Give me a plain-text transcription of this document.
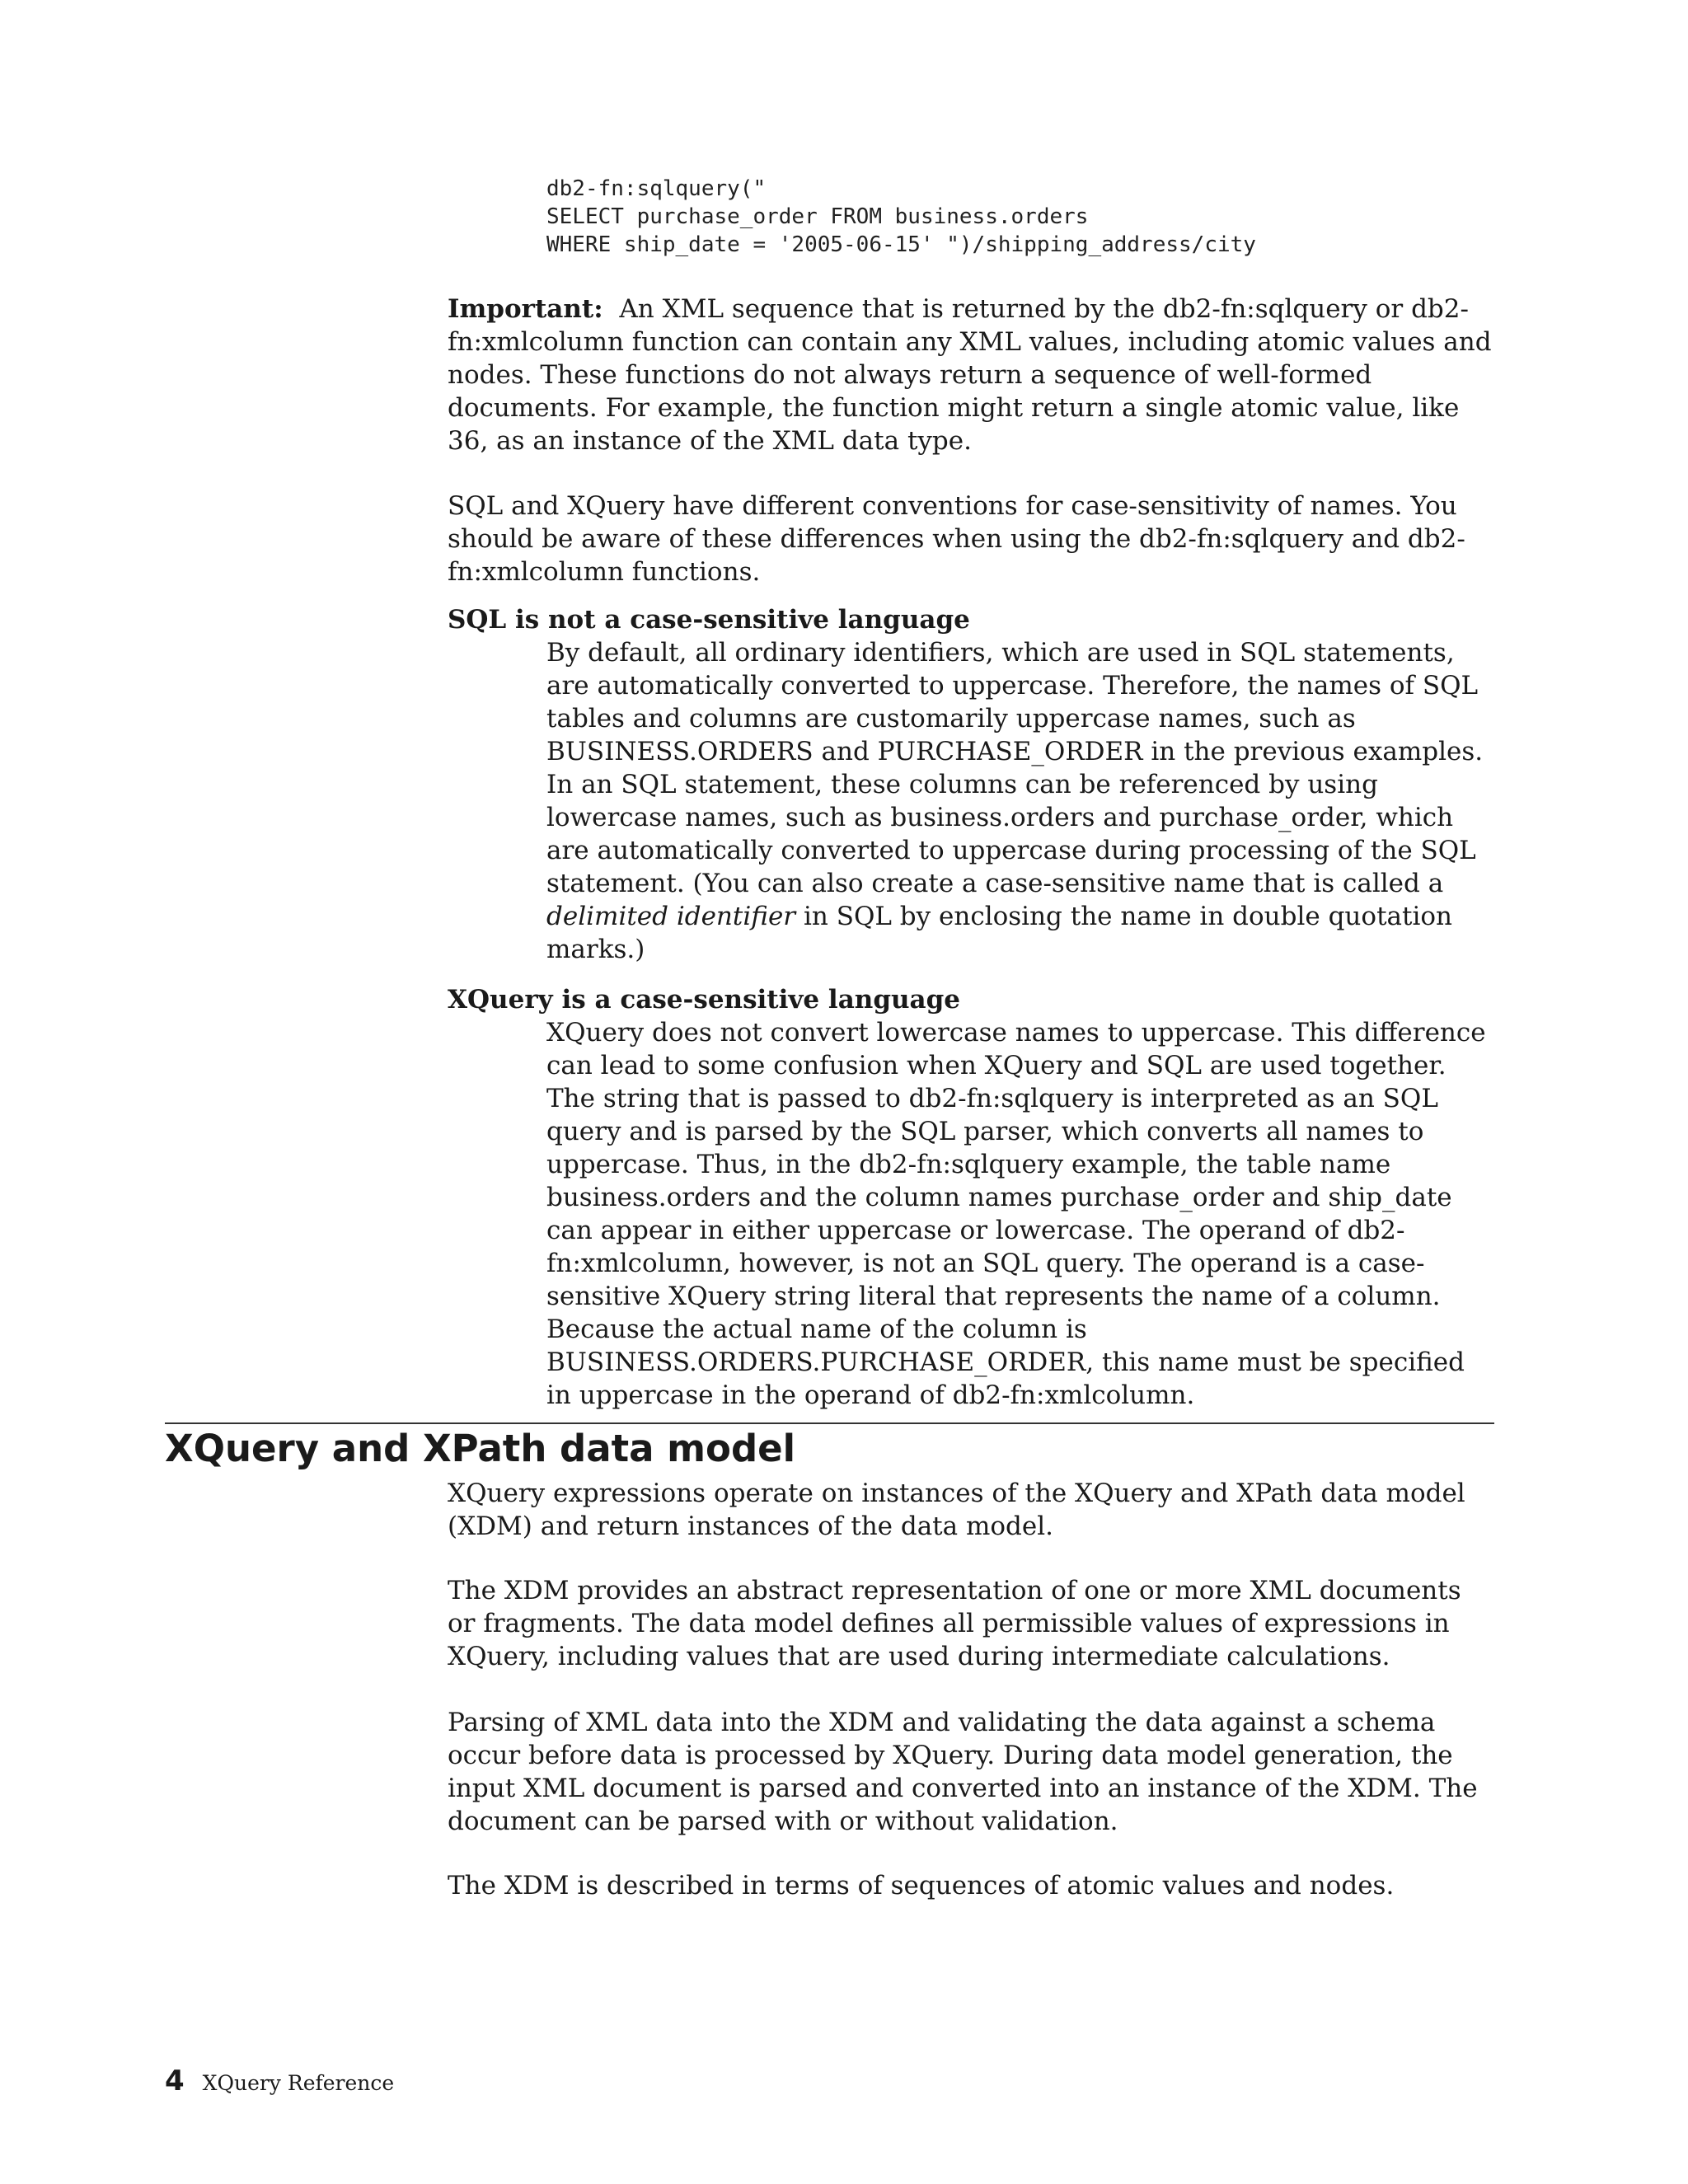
db2-fn:sqlquery("
SELECT purchase_order FROM business.orders
WHERE ship_date = '2005-06-15' ")/shipping_address/city

Important: An XML sequence that is returned by the db2-fn:sqlquery or db2-fn:xmlcolumn function can contain any XML values, including atomic values and nodes. These functions do not always return a sequence of well-formed documents. For example, the function might return a single atomic value, like 36, as an instance of the XML data type.

SQL and XQuery have different conventions for case-sensitivity of names. You should be aware of these differences when using the db2-fn:sqlquery and db2-fn:xmlcolumn functions.

SQL is not a case-sensitive language

By default, all ordinary identifiers, which are used in SQL statements, are automatically converted to uppercase. Therefore, the names of SQL tables and columns are customarily uppercase names, such as BUSINESS.ORDERS and PURCHASE_ORDER in the previous examples. In an SQL statement, these columns can be referenced by using lowercase names, such as business.orders and purchase_order, which are automatically converted to uppercase during processing of the SQL statement. (You can also create a case-sensitive name that is called a delimited identifier in SQL by enclosing the name in double quotation marks.)

XQuery is a case-sensitive language

XQuery does not convert lowercase names to uppercase. This difference can lead to some confusion when XQuery and SQL are used together. The string that is passed to db2-fn:sqlquery is interpreted as an SQL query and is parsed by the SQL parser, which converts all names to uppercase. Thus, in the db2-fn:sqlquery example, the table name business.orders and the column names purchase_order and ship_date can appear in either uppercase or lowercase. The operand of db2-fn:xmlcolumn, however, is not an SQL query. The operand is a case-sensitive XQuery string literal that represents the name of a column. Because the actual name of the column is BUSINESS.ORDERS.PURCHASE_ORDER, this name must be specified in uppercase in the operand of db2-fn:xmlcolumn.

XQuery and XPath data model

XQuery expressions operate on instances of the XQuery and XPath data model (XDM) and return instances of the data model.

The XDM provides an abstract representation of one or more XML documents or fragments. The data model defines all permissible values of expressions in XQuery, including values that are used during intermediate calculations.

Parsing of XML data into the XDM and validating the data against a schema occur before data is processed by XQuery. During data model generation, the input XML document is parsed and converted into an instance of the XDM. The document can be parsed with or without validation.

The XDM is described in terms of sequences of atomic values and nodes.

4 XQuery Reference
